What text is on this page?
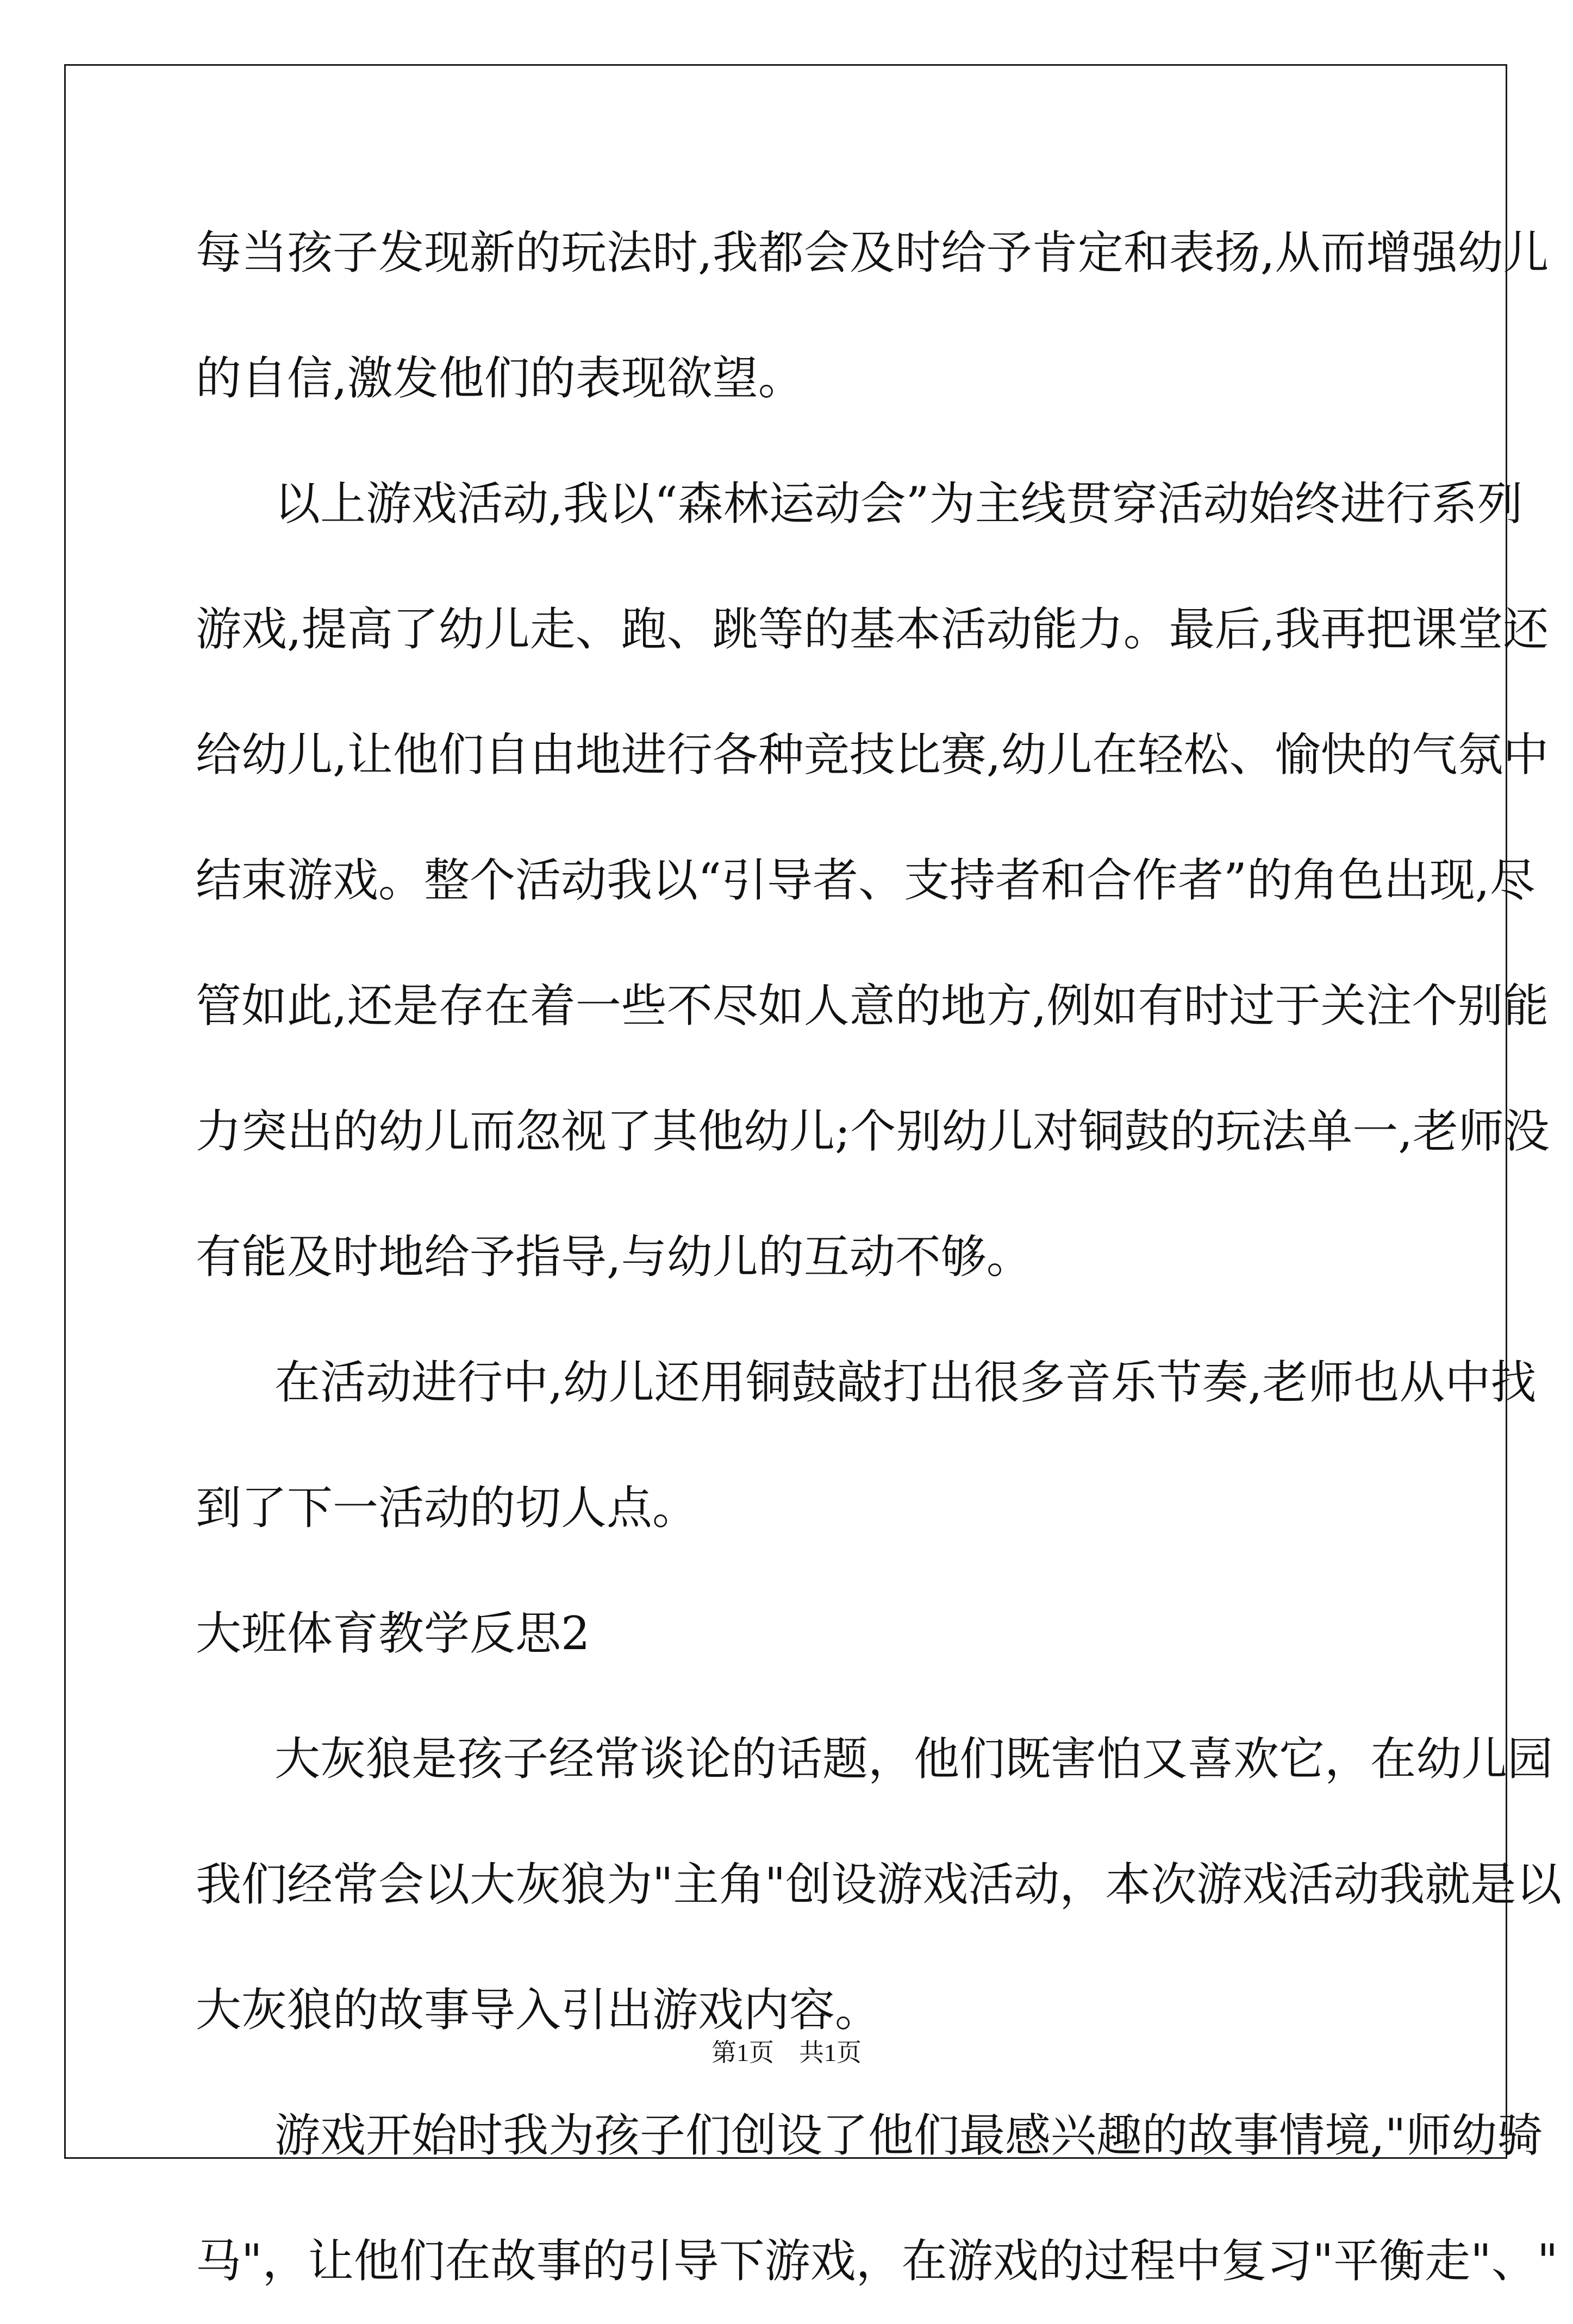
每当孩子发现新的玩法时,我都会及时给予肯定和表扬,从而增强幼儿
的自信,激发他们的表现欲望。
以上游戏活动,我以“森林运动会”为主线贯穿活动始终进行系列
游戏,提高了幼儿走、跑、跳等的基本活动能力。最后,我再把课堂还
给幼儿,让他们自由地进行各种竞技比赛,幼儿在轻松、愉快的气氛中
结束游戏。整个活动我以“引导者、支持者和合作者”的角色出现,尽
管如此,还是存在着一些不尽如人意的地方,例如有时过于关注个别能
力突出的幼儿而忽视了其他幼儿;个别幼儿对铜鼓的玩法单一,老师没
有能及时地给予指导,与幼儿的互动不够。
在活动进行中,幼儿还用铜鼓敲打出很多音乐节奏,老师也从中找
到了下一活动的切人点。
大班体育教学反思2
大灰狼是孩子经常谈论的话题，他们既害怕又喜欢它，在幼儿园
我们经常会以大灰狼为"主角"创设游戏活动，本次游戏活动我就是以
大灰狼的故事导入引出游戏内容。
游戏开始时我为孩子们创设了他们最感兴趣的故事情境,"师幼骑
马"，让他们在故事的引导下游戏，在游戏的过程中复习"平衡走"、"
第1页　共1页
